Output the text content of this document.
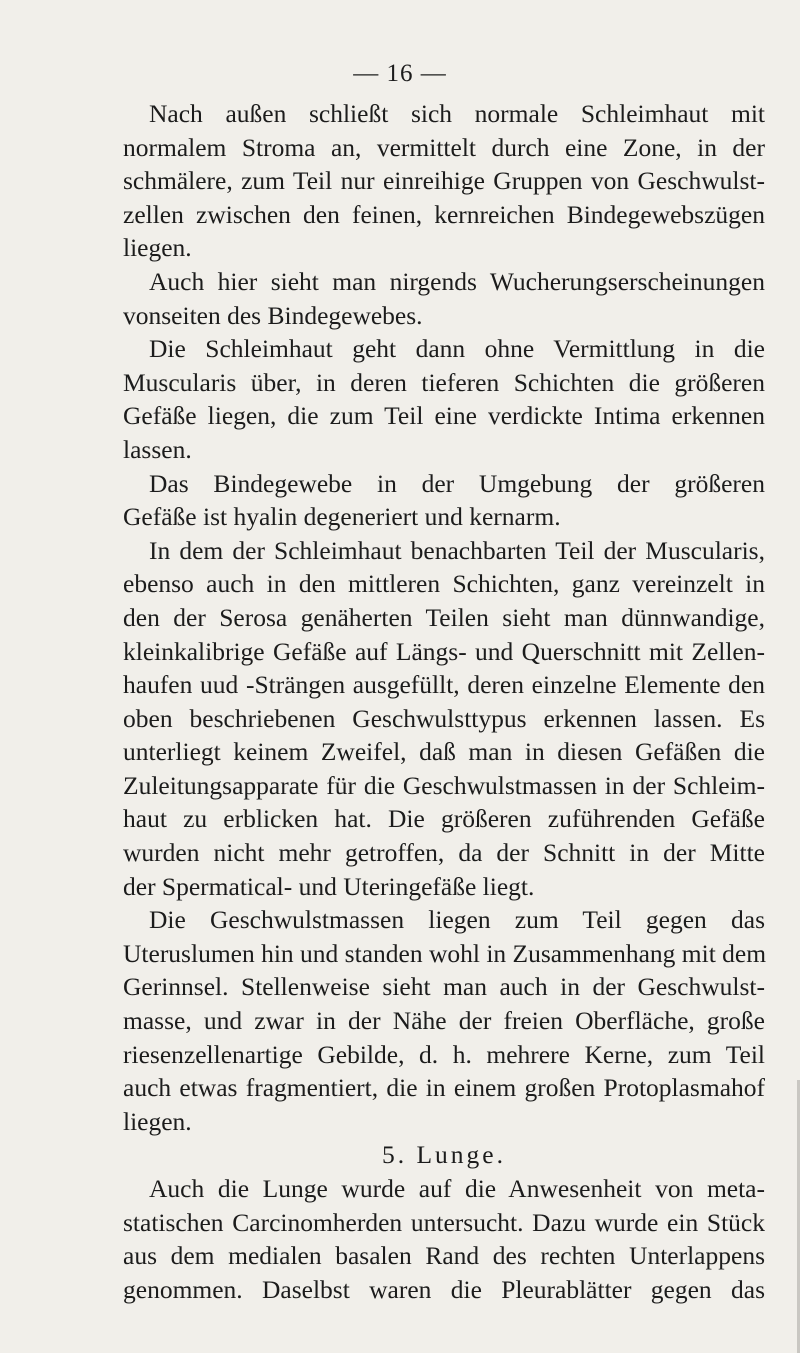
— 16 —
Nach außen schließt sich normale Schleimhaut mit
normalem Stroma an, vermittelt durch eine Zone, in der
schmälere, zum Teil nur einreihige Gruppen von Geschwulst-
zellen zwischen den feinen, kernreichen Bindegewebszügen
liegen.
Auch hier sieht man nirgends Wucherungserscheinungen
vonseiten des Bindegewebes.
Die Schleimhaut geht dann ohne Vermittlung in die
Muscularis über, in deren tieferen Schichten die größeren
Gefäße liegen, die zum Teil eine verdickte Intima erkennen
lassen.
Das Bindegewebe in der Umgebung der größeren
Gefäße ist hyalin degeneriert und kernarm.
In dem der Schleimhaut benachbarten Teil der Muscularis,
ebenso auch in den mittleren Schichten, ganz vereinzelt in
den der Serosa genäherten Teilen sieht man dünnwandige,
kleinkalibrige Gefäße auf Längs- und Querschnitt mit Zellen-
haufen uud -Strängen ausgefüllt, deren einzelne Elemente den
oben beschriebenen Geschwulsttypus erkennen lassen. Es
unterliegt keinem Zweifel, daß man in diesen Gefäßen die
Zuleitungsapparate für die Geschwulstmassen in der Schleim-
haut zu erblicken hat. Die größeren zuführenden Gefäße
wurden nicht mehr getroffen, da der Schnitt in der Mitte
der Spermatical- und Uteringefäße liegt.
Die Geschwulstmassen liegen zum Teil gegen das
Uteruslumen hin und standen wohl in Zusammenhang mit dem
Gerinnsel. Stellenweise sieht man auch in der Geschwulst-
masse, und zwar in der Nähe der freien Oberfläche, große
riesenzellenartige Gebilde, d. h. mehrere Kerne, zum Teil
auch etwas fragmentiert, die in einem großen Protoplasmahof
liegen.
5. Lunge.
Auch die Lunge wurde auf die Anwesenheit von meta-
statischen Carcinomherden untersucht. Dazu wurde ein Stück
aus dem medialen basalen Rand des rechten Unterlappens
genommen. Daselbst waren die Pleurablätter gegen das
